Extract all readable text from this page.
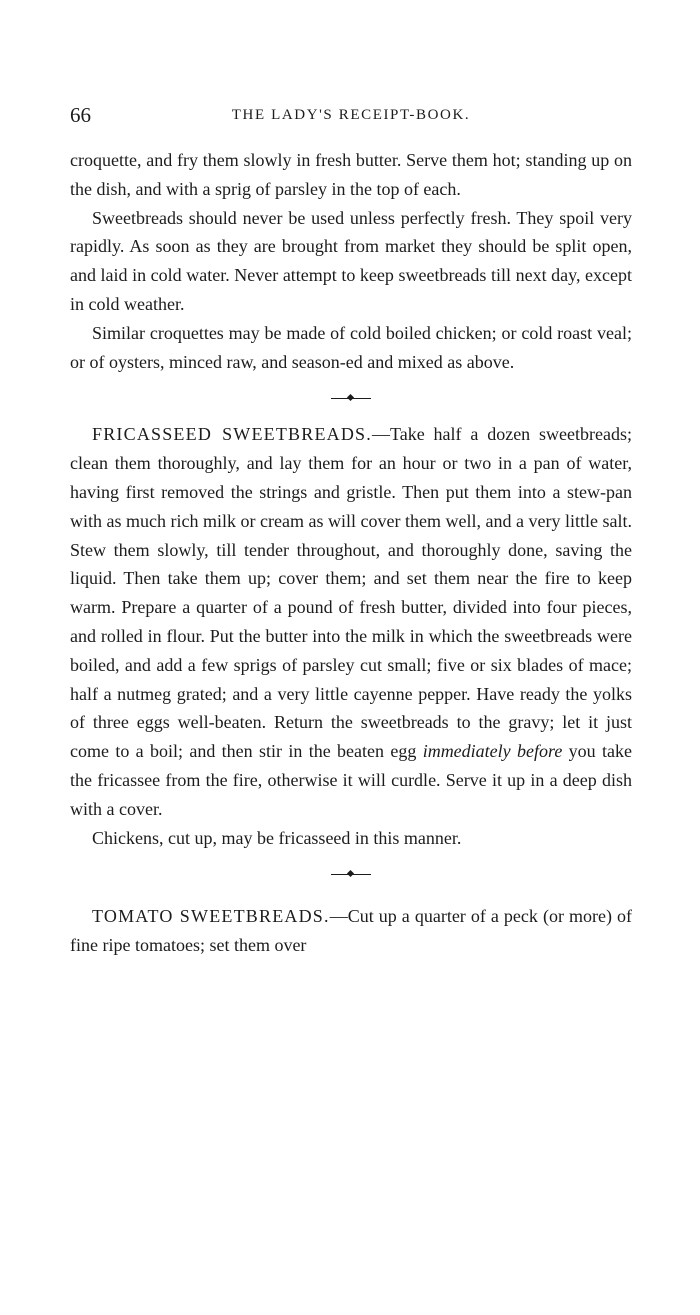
66	THE LADY'S RECEIPT-BOOK.

croquette, and fry them slowly in fresh butter. Serve them hot; standing up on the dish, and with a sprig of parsley in the top of each.

Sweetbreads should never be used unless perfectly fresh. They spoil very rapidly. As soon as they are brought from market they should be split open, and laid in cold water. Never attempt to keep sweetbreads till next day, except in cold weather.

Similar croquettes may be made of cold boiled chicken; or cold roast veal; or of oysters, minced raw, and season-ed and mixed as above.

FRICASSEED SWEETBREADS.—Take half a dozen sweetbreads; clean them thoroughly, and lay them for an hour or two in a pan of water, having first removed the strings and gristle. Then put them into a stew-pan with as much rich milk or cream as will cover them well, and a very little salt. Stew them slowly, till tender throughout, and thoroughly done, saving the liquid. Then take them up; cover them; and set them near the fire to keep warm. Prepare a quarter of a pound of fresh butter, divided into four pieces, and rolled in flour. Put the butter into the milk in which the sweetbreads were boiled, and add a few sprigs of parsley cut small; five or six blades of mace; half a nutmeg grated; and a very little cayenne pepper. Have ready the yolks of three eggs well-beaten. Return the sweetbreads to the gravy; let it just come to a boil; and then stir in the beaten egg immediately before you take the fricassee from the fire, otherwise it will curdle. Serve it up in a deep dish with a cover.

Chickens, cut up, may be fricasseed in this manner.

TOMATO SWEETBREADS.—Cut up a quarter of a peck (or more) of fine ripe tomatoes; set them over
